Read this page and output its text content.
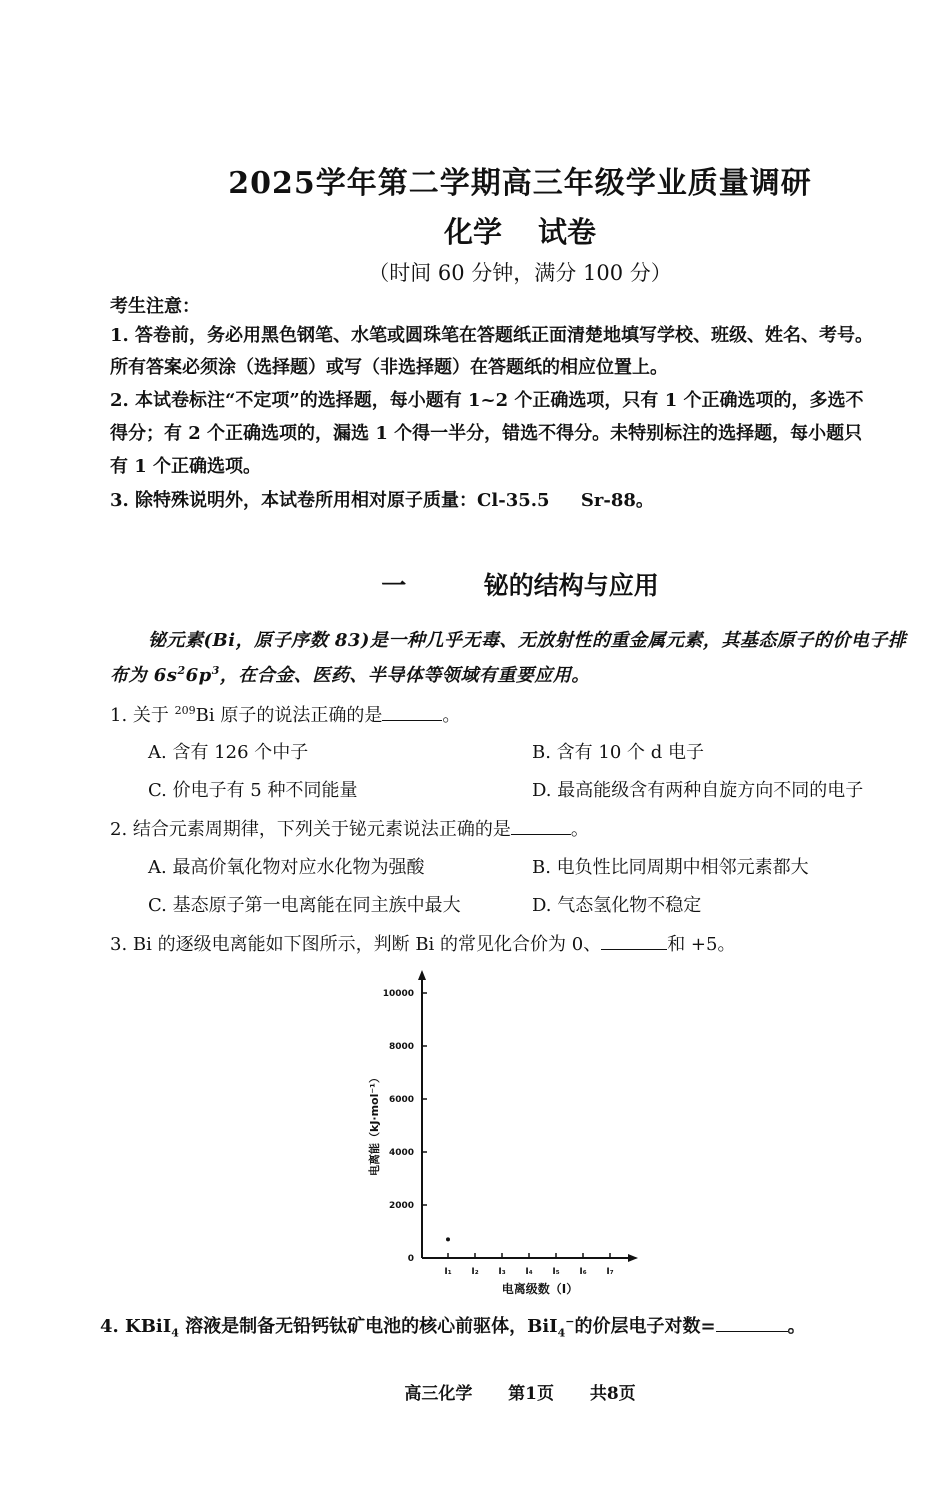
2025学年第二学期高三年级学业质量调研
化学 试卷
（时间 60 分钟，满分 100 分）
考生注意：
1. 答卷前，务必用黑色钢笔、水笔或圆珠笔在答题纸正面清楚地填写学校、班级、姓名、考号。
所有答案必须涂（选择题）或写（非选择题）在答题纸的相应位置上。
2. 本试卷标注“不定项”的选择题，每小题有 1~2 个正确选项，只有 1 个正确选项的，多选不
得分；有 2 个正确选项的，漏选 1 个得一半分，错选不得分。未特别标注的选择题，每小题只
有 1 个正确选项。
3. 除特殊说明外，本试卷所用相对原子质量：Cl-35.5     Sr-88。
一  铋的结构与应用
铋元素(Bi，原子序数 83)是一种几乎无毒、无放射性的重金属元素，其基态原子的价电子排
布为 $6s^26p^3$，在合金、医药、半导体等领域有重要应用。
1. 关于 $^{209}$Bi 原子的说法正确的是	。
A. 含有 126 个中子	B. 含有 10 个 d 电子
C. 价电子有 5 种不同能量	D. 最高能级含有两种自旋方向不同的电子
2. 结合元素周期律，下列关于铋元素说法正确的是	。
A. 最高价氧化物对应水化物为强酸	B. 电负性比同周期中相邻元素都大
C. 基态原子第一电离能在同主族中最大	D. 气态氢化物不稳定
3. Bi 的逐级电离能如下图所示，判断 Bi 的常见化合价为 0、	和 +5。
0
2000
4000
6000
8000
10000
I₁ I₂ I₃ I₄ I₅ I₆ I₇
电离级数（I）
电离能（kJ·mol⁻¹）
4. KBiI$_4$ 溶液是制备无铅钙钛矿电池的核心前驱体，BiI$_4$−的价层电子对数=	。
高三化学  第1页  共8页
